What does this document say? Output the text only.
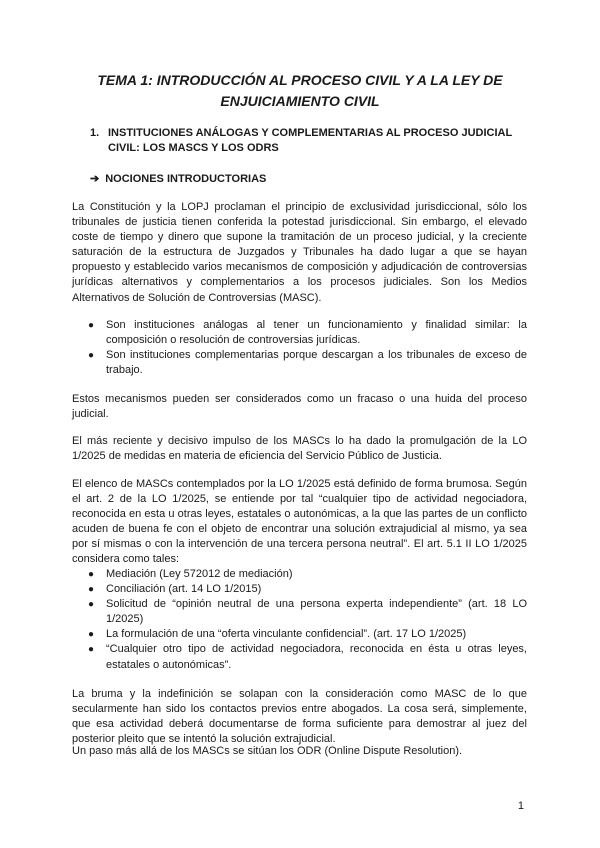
TEMA 1: INTRODUCCIÓN AL PROCESO CIVIL Y A LA LEY DE ENJUICIAMIENTO CIVIL
1. INSTITUCIONES ANÁLOGAS Y COMPLEMENTARIAS AL PROCESO JUDICIAL CIVIL: LOS MASCS Y LOS ODRS
➔ NOCIONES INTRODUCTORIAS

La Constitución y la LOPJ proclaman el principio de exclusividad jurisdiccional, sólo los tribunales de justicia tienen conferida la potestad jurisdiccional. Sin embargo, el elevado coste de tiempo y dinero que supone la tramitación de un proceso judicial, y la creciente saturación de la estructura de Juzgados y Tribunales ha dado lugar a que se hayan propuesto y establecido varios mecanismos de composición y adjudicación de controversias jurídicas alternativos y complementarios a los procesos judiciales. Son los Medios Alternativos de Solución de Controversias (MASC).

● Son instituciones análogas al tener un funcionamiento y finalidad similar: la composición o resolución de controversias jurídicas.
● Son instituciones complementarias porque descargan a los tribunales de exceso de trabajo.

Estos mecanismos pueden ser considerados como un fracaso o una huida del proceso judicial.

El más reciente y decisivo impulso de los MASCs lo ha dado la promulgación de la LO 1/2025 de medidas en materia de eficiencia del Servicio Público de Justicia.

El elenco de MASCs contemplados por la LO 1/2025 está definido de forma brumosa. Según el art. 2 de la LO 1/2025, se entiende por tal “cualquier tipo de actividad negociadora, reconocida en esta u otras leyes, estatales o autonómicas, a la que las partes de un conflicto acuden de buena fe con el objeto de encontrar una solución extrajudicial al mismo, ya sea por sí mismas o con la intervención de una tercera persona neutral”. El art. 5.1 II LO 1/2025 considera como tales:

● Mediación (Ley 572012 de mediación)
● Conciliación (art. 14 LO 1/2015)
● Solicitud de “opinión neutral de una persona experta independiente” (art. 18 LO 1/2025)
● La formulación de una “oferta vinculante confidencial”. (art. 17 LO 1/2025)
● “Cualquier otro tipo de actividad negociadora, reconocida en ésta u otras leyes, estatales o autonómicas”.

La bruma y la indefinición se solapan con la consideración como MASC de lo que secularmente han sido los contactos previos entre abogados. La cosa será, simplemente, que esa actividad deberá documentarse de forma suficiente para demostrar al juez del posterior pleito que se intentó la solución extrajudicial.

Un paso más allá de los MASCs se sitúan los ODR (Online Dispute Resolution).

1
